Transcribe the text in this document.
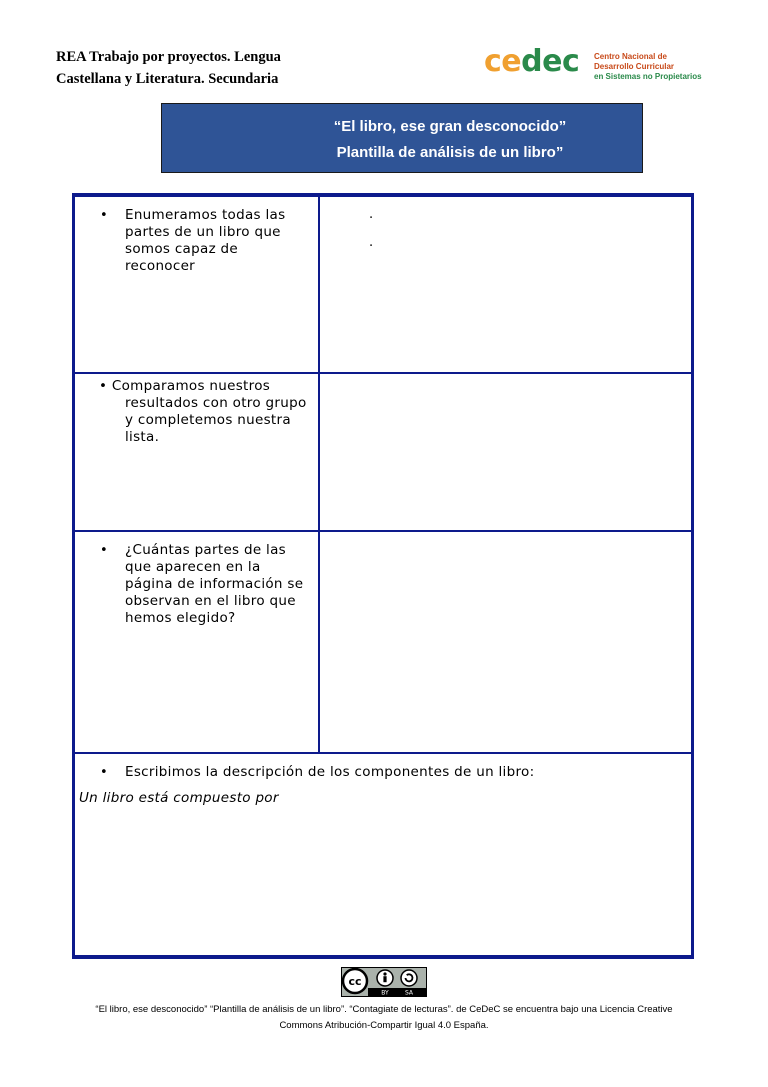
REA Trabajo por proyectos. Lengua
Castellana y Literatura. Secundaria	cedec Centro Nacional de
Desarrollo Curricular
en Sistemas no Propietarios
“El libro, ese gran desconocido”
Plantilla de análisis de un libro”
• Enumeramos todas las
partes de un libro que
somos capaz de
reconocer
.
.
• Comparamos nuestros
resultados con otro grupo
y completemos nuestra
lista.
• ¿Cuántas partes de las
que aparecen en la
página de información se
observan en el libro que
hemos elegido?
• Escribimos la descripción de los componentes de un libro:
Un libro está compuesto por
cc
BY	SA
“El libro, ese desconocido” “Plantilla de análisis de un libro”. “Contagiate de lecturas”. de CeDeC se encuentra bajo una Licencia Creative
Commons Atribución-Compartir Igual 4.0 España.
